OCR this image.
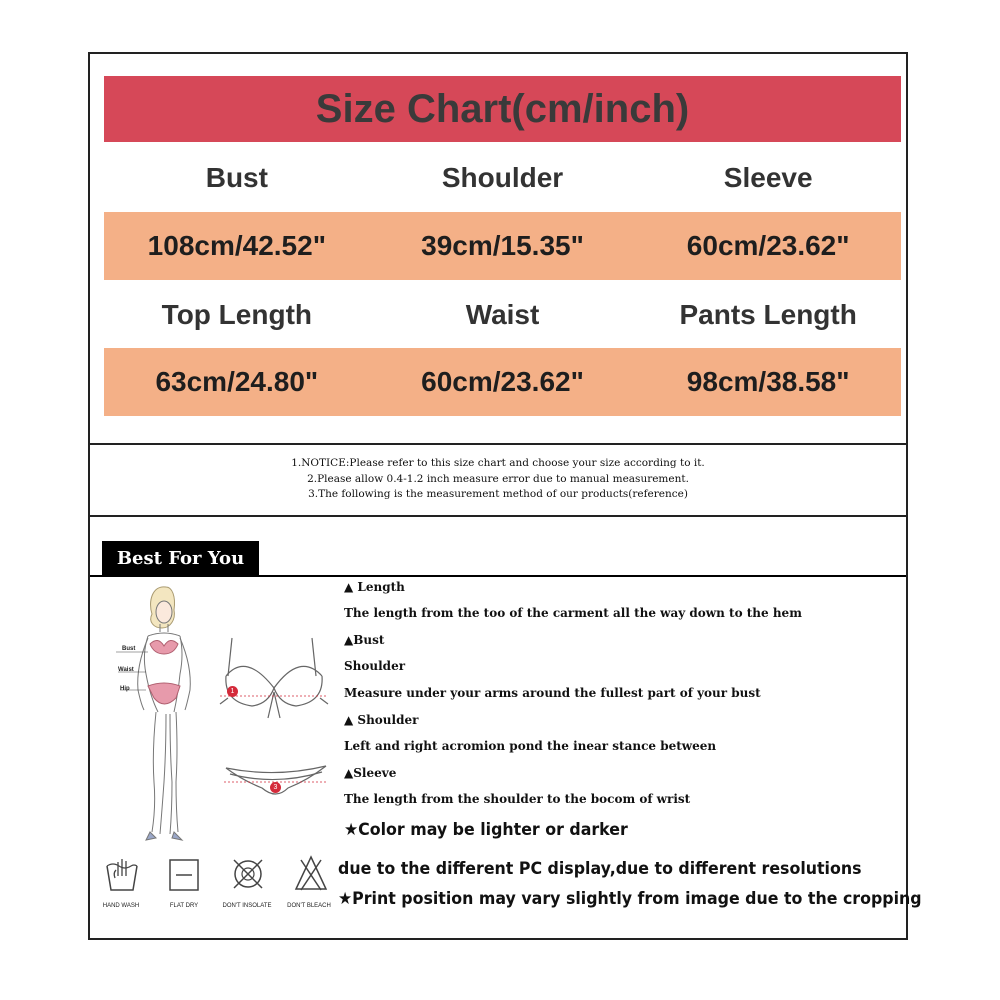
Size Chart(cm/inch)
Bust	Shoulder	Sleeve
108cm/42.52"	39cm/15.35"	60cm/23.62"
Top Length	Waist	Pants Length
63cm/24.80"	60cm/23.62"	98cm/38.58"
1.NOTICE:Please refer to this size chart and choose your size according to it.
2.Please allow 0.4-1.2 inch measure error due to manual measurement.
3.The following is the measurement method of our products(reference)
Best For You
Bust
Waist
Hip	1
3
▲ Length
The length from the too of the carment all the way down to the hem
▲Bust
Shoulder
Measure under your arms around the fullest part of your bust
▲ Shoulder
Left and right acromion pond the inear stance between
▲Sleeve
The length from the shoulder to the bocom of wrist
★Color may be lighter or darker
due to the different PC display,due to different resolutions
★Print position may vary slightly from image due to the cropping
HAND WASH	FLAT DRY	DON'T INSOLATE	DON'T BLEACH
